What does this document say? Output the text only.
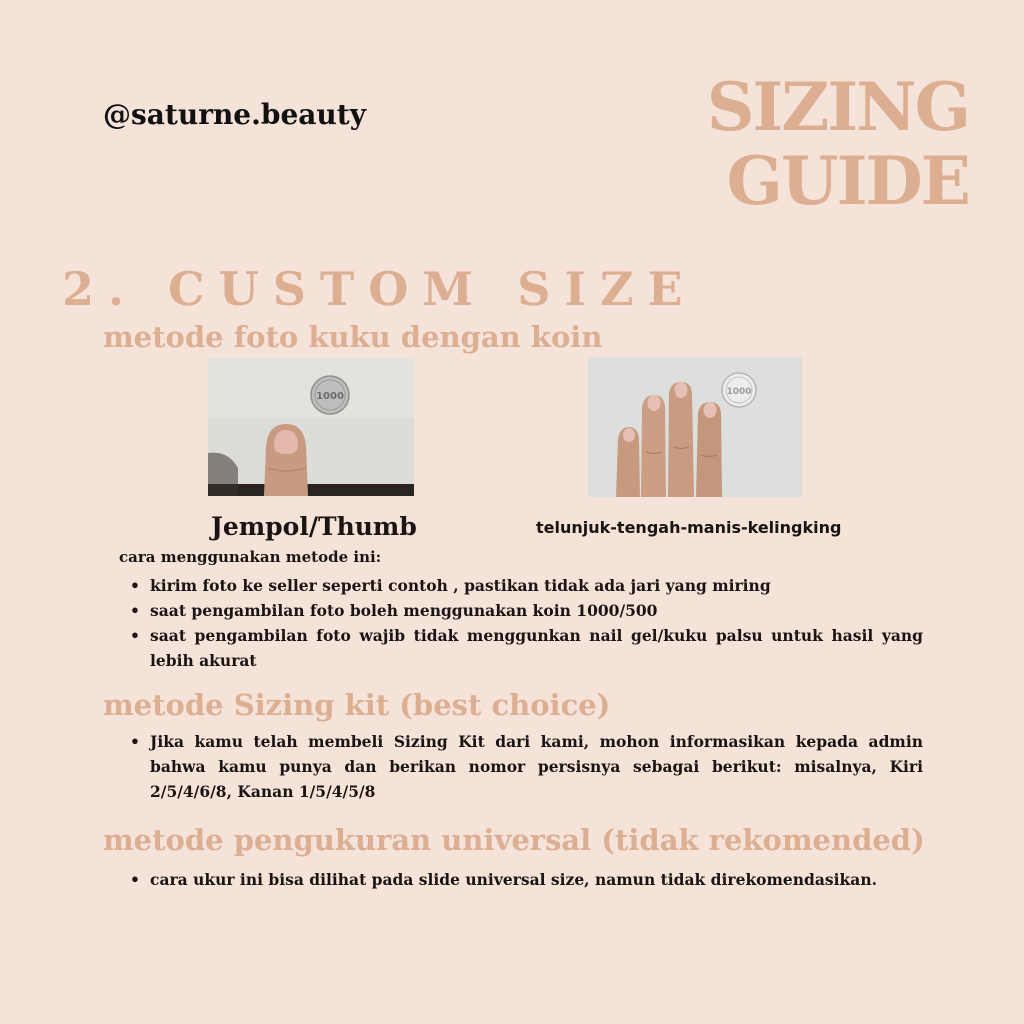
@saturne.beauty	SIZING
GUIDE
2. CUSTOM SIZE
metode foto kuku dengan koin
1000	1000
Jempol/Thumb	telunjuk-tengah-manis-kelingking
cara menggunakan metode ini:
• kirim foto ke seller seperti contoh , pastikan tidak ada jari yang miring
• saat pengambilan foto boleh menggunakan koin 1000/500
• saat pengambilan foto wajib tidak menggunkan nail gel/kuku palsu untuk hasil yang lebih akurat
metode Sizing kit (best choice)
• Jika kamu telah membeli Sizing Kit dari kami, mohon informasikan kepada admin bahwa kamu punya dan berikan nomor persisnya sebagai berikut: misalnya, Kiri 2/5/4/6/8, Kanan 1/5/4/5/8
metode pengukuran universal (tidak rekomended)
• cara ukur ini bisa dilihat pada slide universal size, namun tidak direkomendasikan.
